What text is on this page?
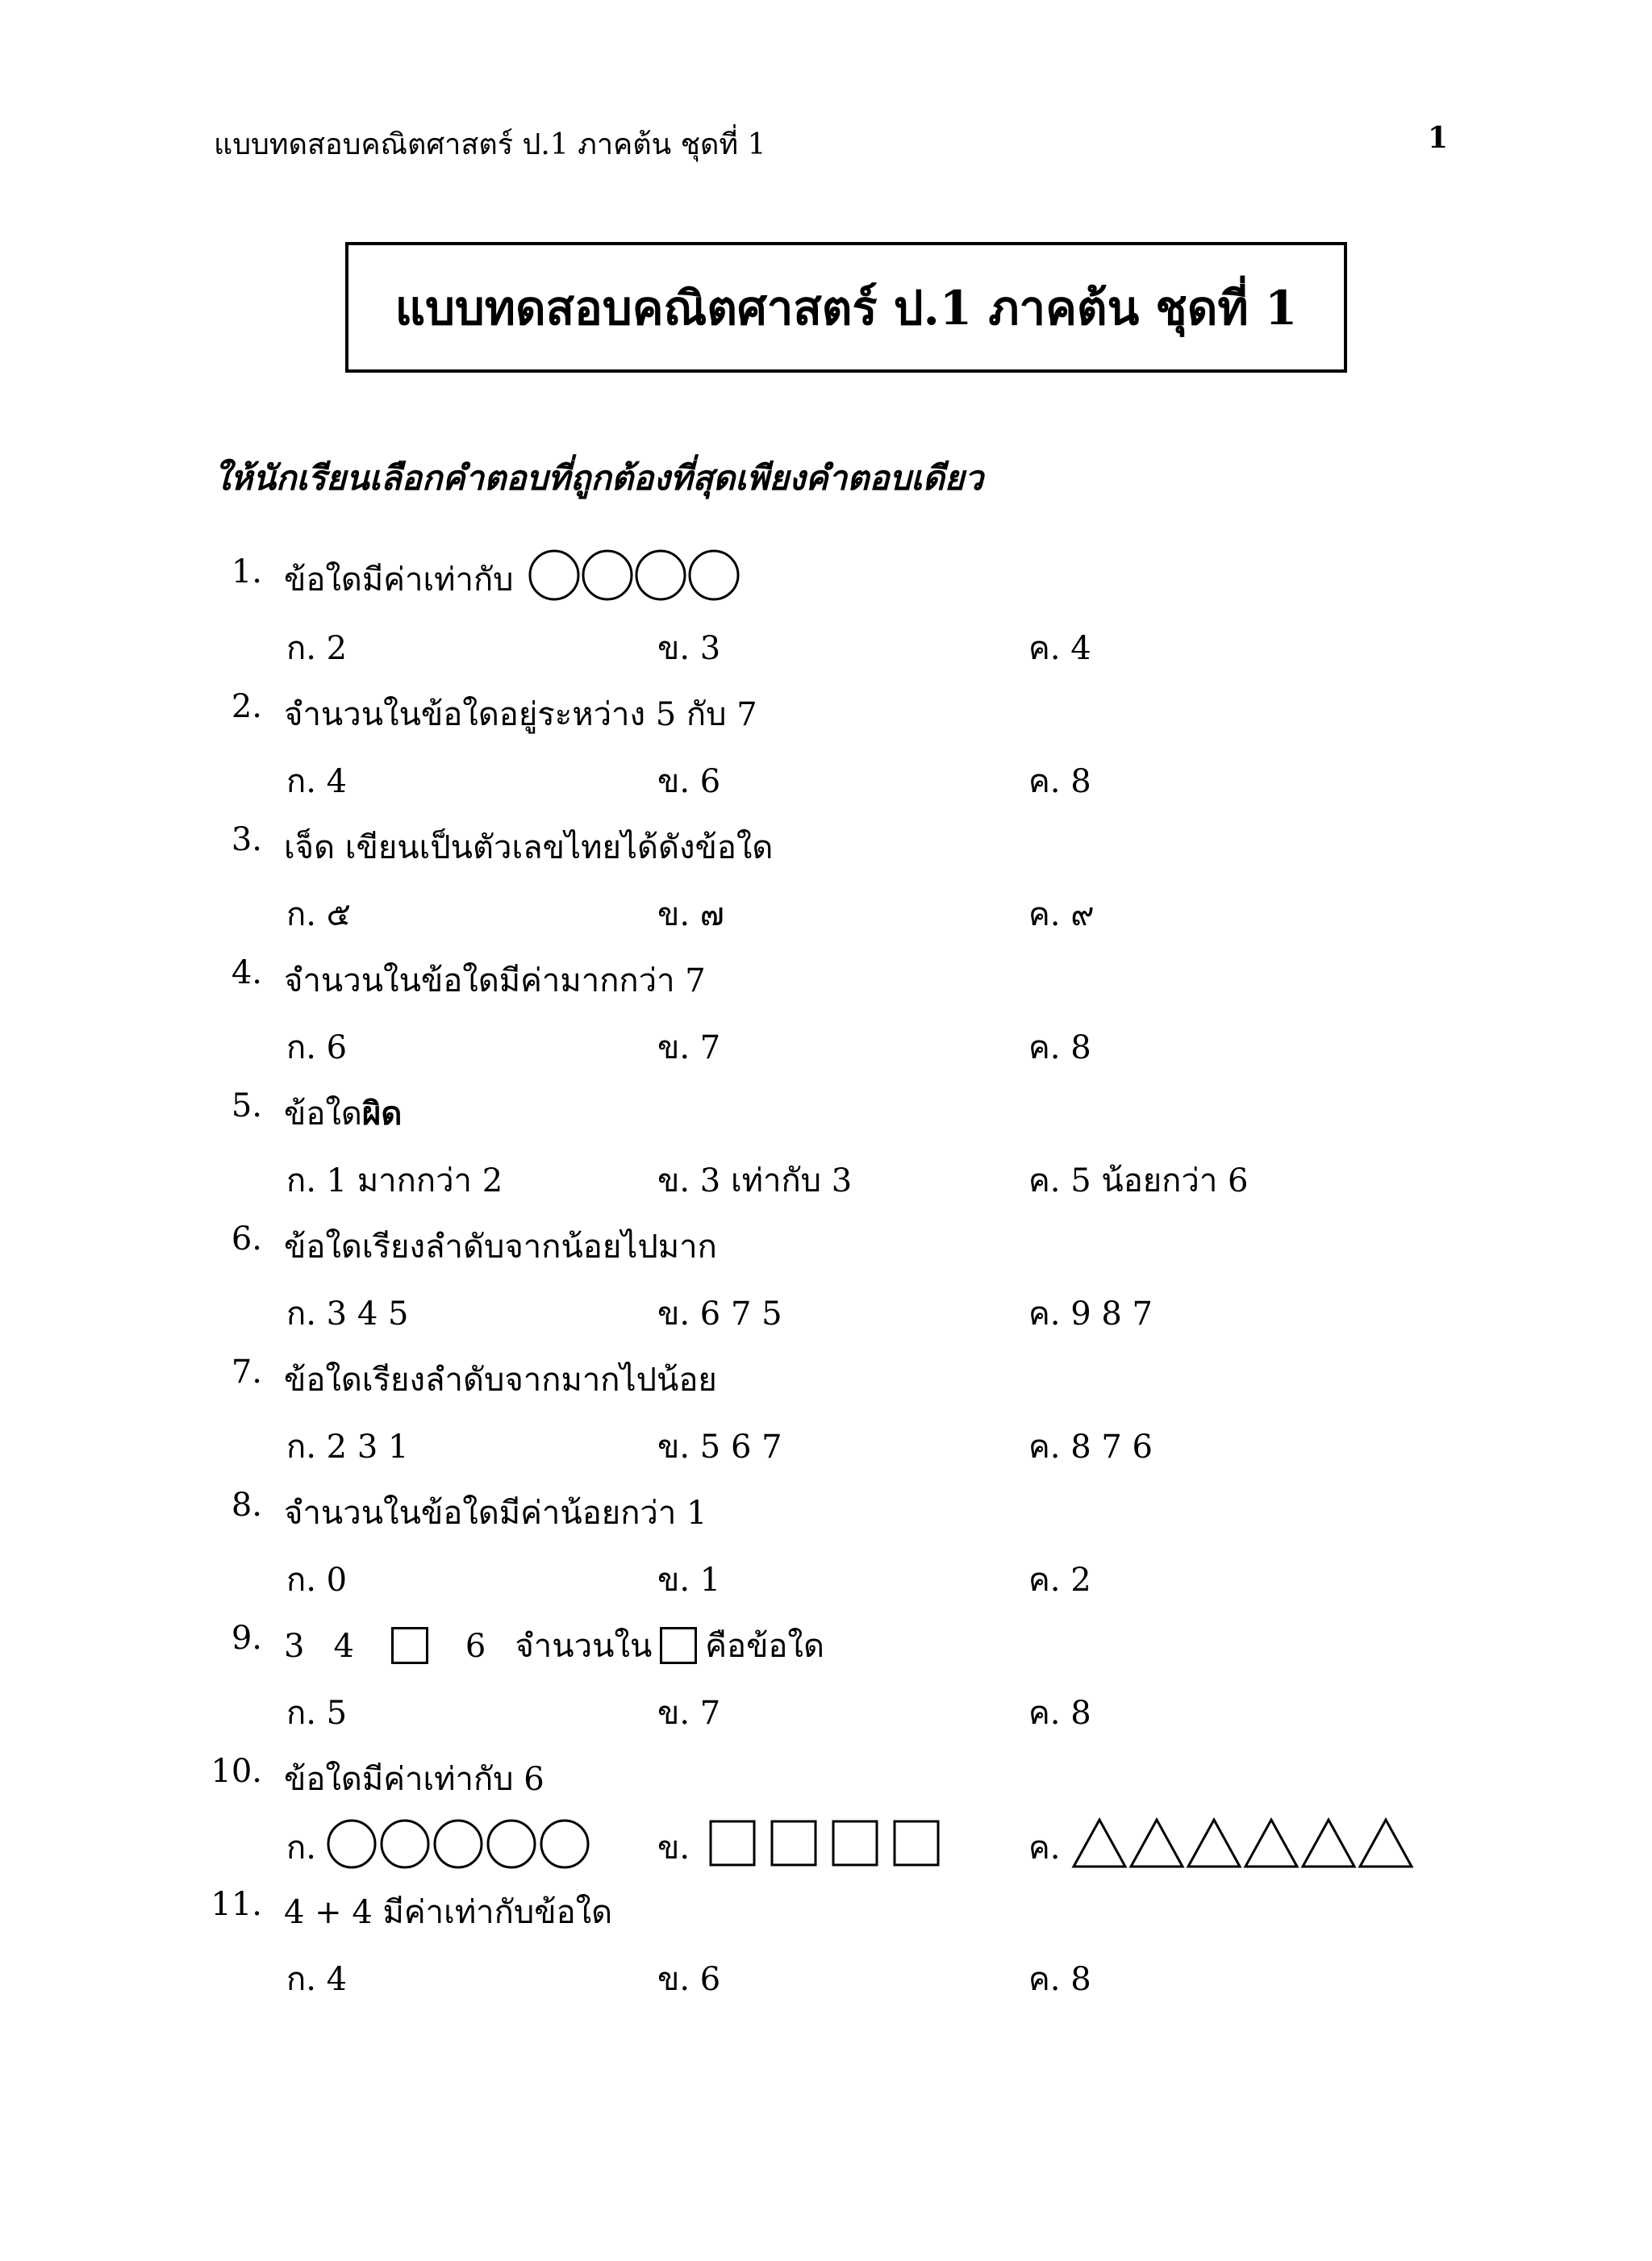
แบบทดสอบคณิตศาสตร์ ป.1 ภาคต้น ชุดที่ 1	1
แบบทดสอบคณิตศาสตร์ ป.1 ภาคต้น ชุดที่ 1
ให้นักเรียนเลือกคำตอบที่ถูกต้องที่สุดเพียงคำตอบเดียว
1. ข้อใดมีค่าเท่ากับ
ก. 2	ข. 3	ค. 4
2. จำนวนในข้อใดอยู่ระหว่าง 5 กับ 7
ก. 4	ข. 6	ค. 8
3. เจ็ด เขียนเป็นตัวเลขไทยได้ดังข้อใด
ก. ๕	ข. ๗	ค. ๙
4. จำนวนในข้อใดมีค่ามากกว่า 7
ก. 6	ข. 7	ค. 8
5. ข้อใดผิด
ก. 1 มากกว่า 2	ข. 3 เท่ากับ 3	ค. 5 น้อยกว่า 6
6. ข้อใดเรียงลำดับจากน้อยไปมาก
ก. 3 4 5	ข. 6 7 5	ค. 9 8 7
7. ข้อใดเรียงลำดับจากมากไปน้อย
ก. 2 3 1	ข. 5 6 7	ค. 8 7 6
8. จำนวนในข้อใดมีค่าน้อยกว่า 1
ก. 0	ข. 1	ค. 2
9. 3 4	6 จำนวนใน คือข้อใด
ก. 5	ข. 7	ค. 8
10. ข้อใดมีค่าเท่ากับ 6
ก.	ข.	ค.
11. 4 + 4 มีค่าเท่ากับข้อใด
ก. 4	ข. 6	ค. 8
